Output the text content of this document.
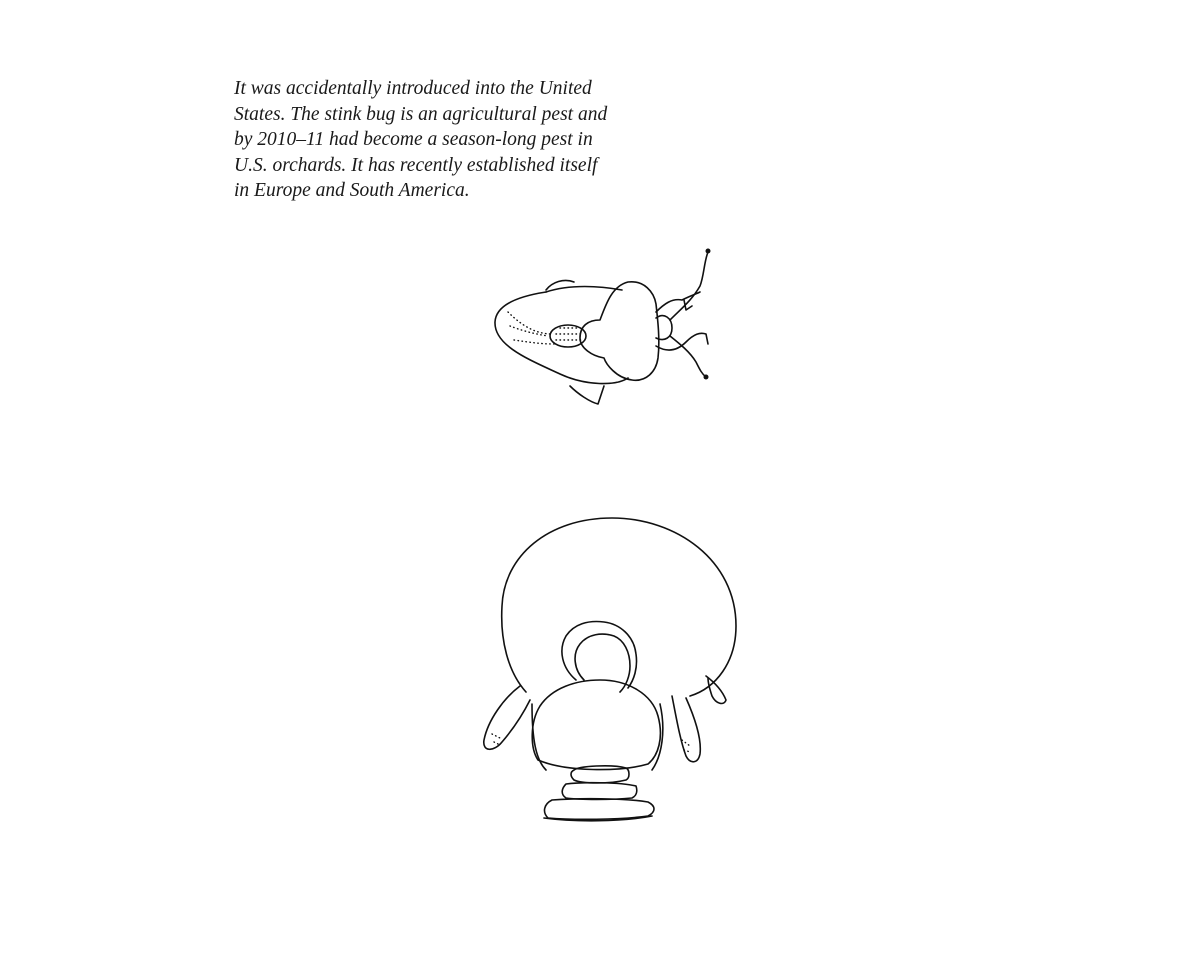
It was accidentally introduced into the United
States. The stink bug is an agricultural pest and
by 2010–11 had become a season-long pest in
U.S. orchards. It has recently established itself
in Europe and South America.
